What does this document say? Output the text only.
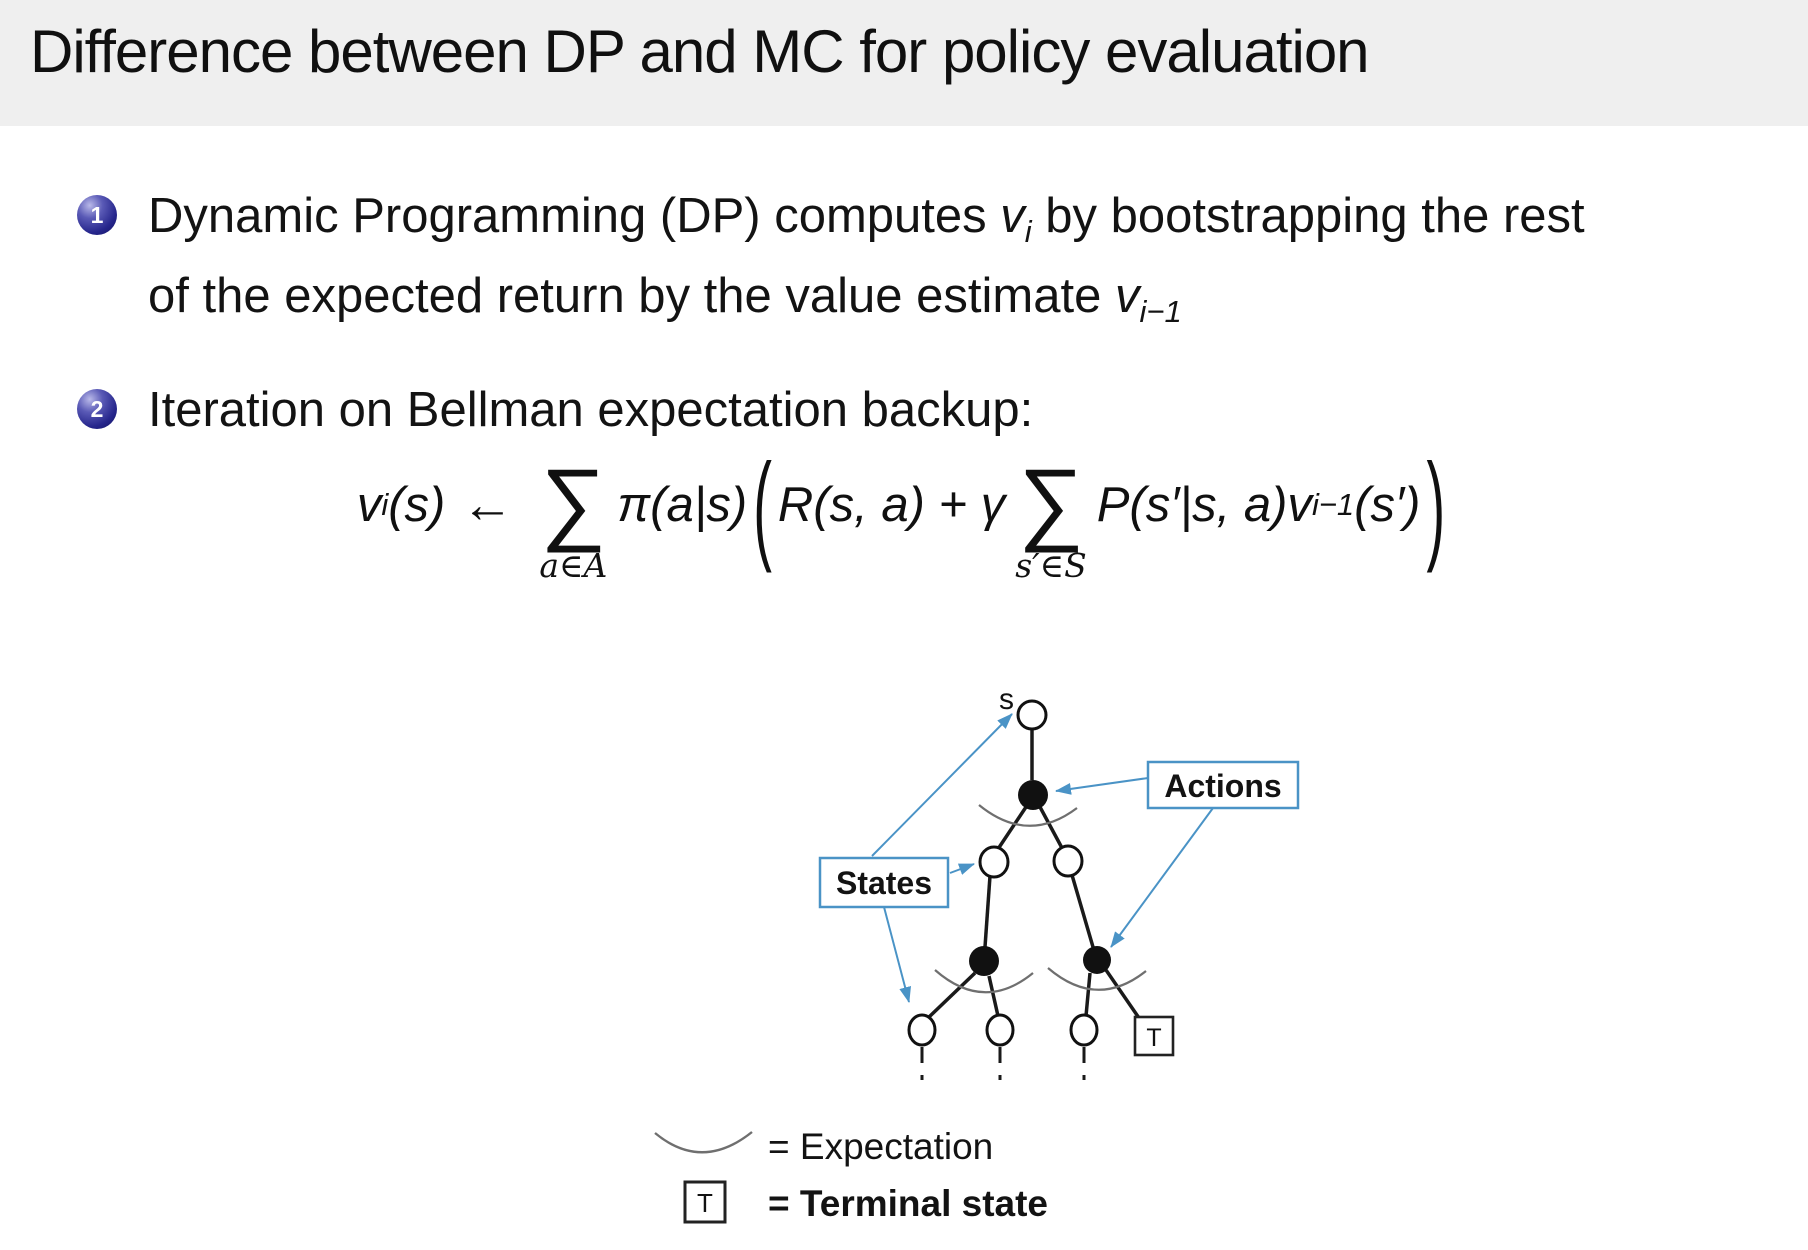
Difference between DP and MC for policy evaluation
1 Dynamic Programming (DP) computes $v_i$ by bootstrapping the rest
of the expected return by the value estimate $v_{i-1}$
2 Iteration on Bellman expectation backup:
v i (s) ← ∑
a∈A
π(a|s) ( R(s, a) + γ ∑
s′∈S
P(s′|s, a)v i−1 (s′) )
s
T
States
Actions
= Expectation
T = Terminal state
